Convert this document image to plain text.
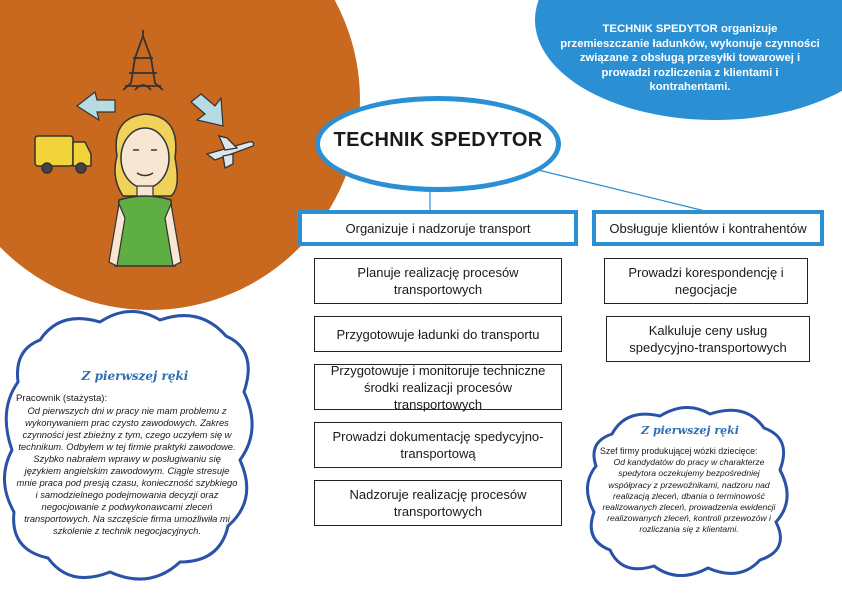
TECHNIK SPEDYTOR organizuje przemieszczanie ładunków, wykonuje czynności związane z obsługą przesyłki towarowej i prowadzi rozliczenia z klientami i kontrahentami.
TECHNIK SPEDYTOR
Organizuje i nadzoruje transport	Obsługuje klientów i kontrahentów
Planuje realizację procesów transportowych
Przygotowuje ładunki do transportu
Przygotowuje i monitoruje techniczne środki realizacji procesów transportowych
Prowadzi dokumentację spedycyjno-transportową
Nadzoruje realizację procesów transportowych
Prowadzi korespondencję i negocjacje
Kalkuluje ceny usług spedycyjno-transportowych
Z pierwszej ręki
Pracownik (stażysta):
Od pierwszych dni w pracy nie mam problemu z wykonywaniem prac czysto zawodowych. Zakres czynności jest zbieżny z tym, czego uczyłem się w technikum. Odbyłem w tej firmie praktyki zawodowe. Szybko nabrałem wprawy w posługiwaniu się językiem angielskim zawodowym. Ciągle stresuje mnie praca pod presją czasu, konieczność szybkiego i samodzielnego podejmowania decyzji oraz negocjowanie z podwykonawcami zleceń transportowych. Na szczęście firma umożliwiła mi szkolenie z technik negocjacyjnych.
Z pierwszej ręki
Szef firmy produkującej wózki dziecięce:
Od kandydatów do pracy w charakterze spedytora oczekujemy bezpośredniej współpracy z przewoźnikami, nadzoru nad realizacją zleceń, dbania o terminowość realizowanych zleceń, prowadzenia ewidencji realizowanych zleceń, kontroli przewozów i rozliczania się z klientami.
